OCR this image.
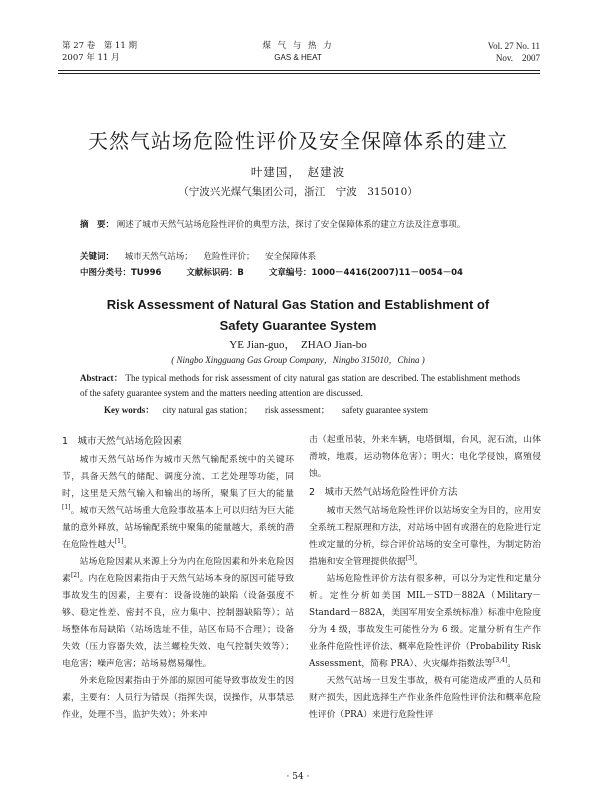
第 27 卷　第 11 期
2007 年 11 月
煤 气 与 热 力
GAS & HEAT
Vol. 27 No. 11
Nov.　2007
天然气站场危险性评价及安全保障体系的建立
叶建国，　赵建波
（宁波兴光煤气集团公司，浙江　宁波　315010）
摘　要： 阐述了城市天然气站场危险性评价的典型方法，探讨了安全保障体系的建立方法及注意事项。
关键词： 城市天然气站场； 危险性评价； 安全保障体系
中图分类号：TU996	文献标识码：B	文章编号：1000－4416(2007)11－0054－04
Risk Assessment of Natural Gas Station and Establishment of
Safety Guarantee System
YE Jian-guo，　ZHAO Jian-bo
( Ningbo Xingguang Gas Group Company，Ningbo 315010，China )
Abstract： The typical methods for risk assessment of city natural gas station are described. The establishment methods of the safety guarantee system and the matters needing attention are discussed.
Key words： city natural gas station； risk assessment； safety guarantee system
1　城市天然气站场危险因素

城市天然气站场作为城市天然气输配系统中的关键环节，具备天然气的储配、调度分流、工艺处理等功能，同时，这里是天然气输入和输出的场所，聚集了巨大的能量[1]。城市天然气站场重大危险事故基本上可以归结为巨大能量的意外释放，站场输配系统中聚集的能量越大，系统的潜在危险性越大[1]。

站场危险因素从来源上分为内在危险因素和外来危险因素[2]。内在危险因素指由于天然气站场本身的原因可能导致事故发生的因素，主要有：设备设施的缺陷（设备强度不够、稳定性差、密封不良，应力集中、控制器缺陷等）；站场整体布局缺陷（站场选址不佳，站区布局不合理）；设备失效（压力容器失效，法兰螺栓失效、电气控制失效等）；电危害；噪声危害；站场易燃易爆性。

外来危险因素指由于外部的原因可能导致事故发生的因素，主要有：人员行为错误（指挥失误，误操作，从事禁忌作业，处理不当，监护失效）；外来冲

击（起重吊装，外来车辆，电塔倒塌，台风，泥石流，山体滑坡，地震，运动物体危害）；明火；电化学侵蚀，腐殖侵蚀。

2　城市天然气站场危险性评价方法

城市天然气站场危险性评价以站场安全为目的，应用安全系统工程原理和方法，对站场中固有或潜在的危险进行定性或定量的分析，综合评价站场的安全可靠性，为制定防治措施和安全管理提供依据[3]。

站场危险性评价方法有很多种，可以分为定性和定量分析。定性分析如美国 MIL－STD－882A（Military－Standard－882A，美国军用安全系统标准）标准中危险度分为 4 级，事故发生可能性分为 6 级。定量分析有生产作业条件危险性评价法、概率危险性评价（Probability Risk Assessment，简称 PRA）、火灾爆炸指数法等[3,4]。

天然气站场一旦发生事故，极有可能造成严重的人员和财产损失，因此选择生产作业条件危险性评价法和概率危险性评价（PRA）来进行危险性评

· 54 ·
